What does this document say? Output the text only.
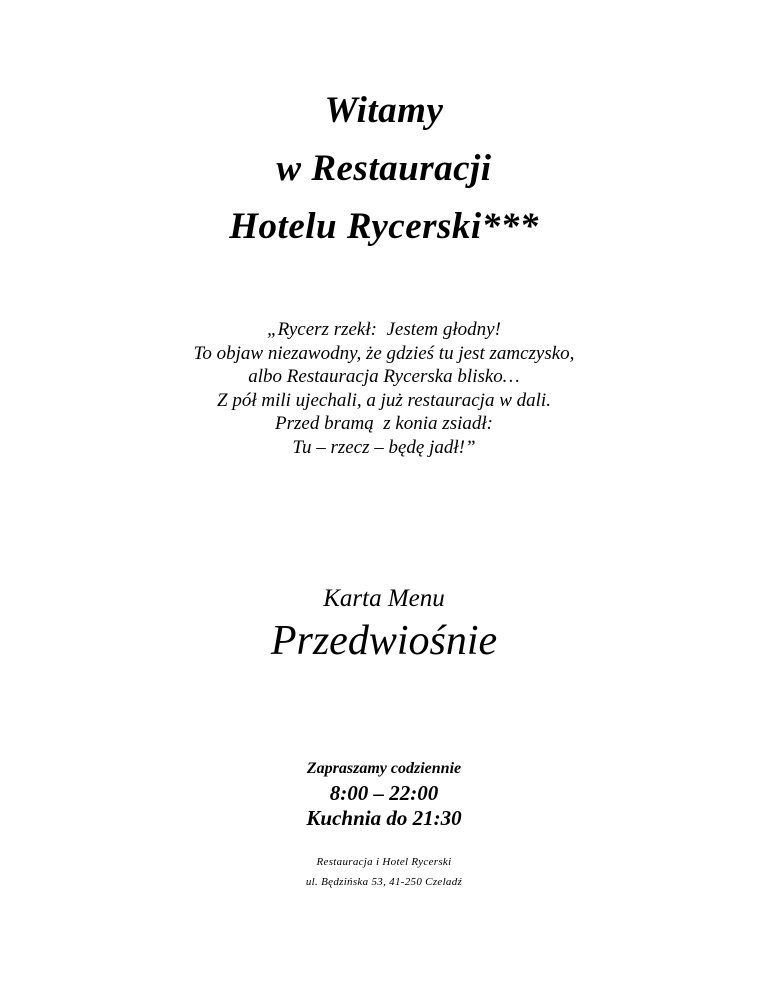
Witamy
w Restauracji
Hotelu Rycerski***
„Rycerz rzekł:  Jestem głodny!
To objaw niezawodny, że gdzieś tu jest zamczysko,
albo Restauracja Rycerska blisko…
Z pół mili ujechali, a już restauracja w dali.
Przed bramą  z konia zsiadł:
Tu – rzecz – będę jadł!”
Karta Menu
Przedwiośnie
Zapraszamy codziennie
8:00 – 22:00
Kuchnia do 21:30
Restauracja i Hotel Rycerski
ul. Będzińska 53, 41-250 Czeladź
